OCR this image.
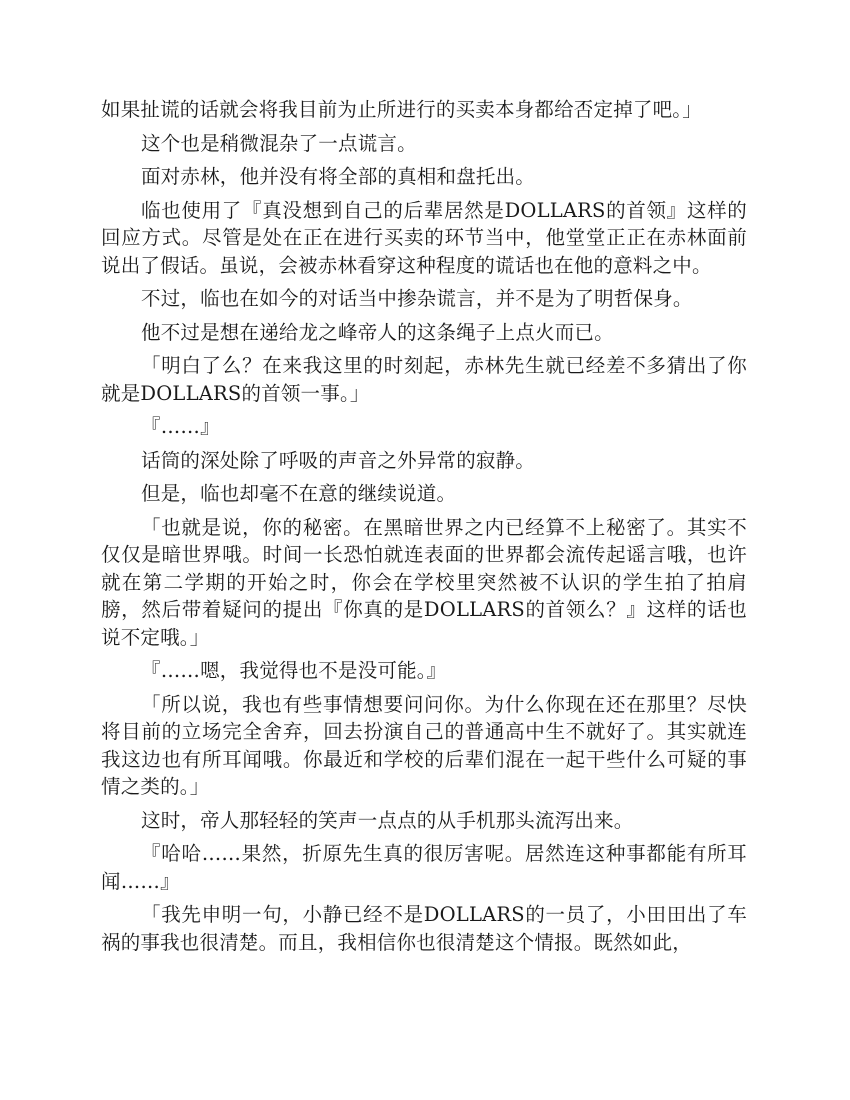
如果扯谎的话就会将我目前为止所进行的买卖本身都给否定掉了吧。」

这个也是稍微混杂了一点谎言。

面对赤林，他并没有将全部的真相和盘托出。

临也使用了『真没想到自己的后辈居然是DOLLARS的首领』这样的回应方式。尽管是处在正在进行买卖的环节当中，他堂堂正正在赤林面前说出了假话。虽说，会被赤林看穿这种程度的谎话也在他的意料之中。

不过，临也在如今的对话当中掺杂谎言，并不是为了明哲保身。

他不过是想在递给龙之峰帝人的这条绳子上点火而已。

「明白了么？在来我这里的时刻起，赤林先生就已经差不多猜出了你就是DOLLARS的首领一事。」

『……』

话筒的深处除了呼吸的声音之外异常的寂静。

但是，临也却毫不在意的继续说道。

「也就是说，你的秘密。在黑暗世界之内已经算不上秘密了。其实不仅仅是暗世界哦。时间一长恐怕就连表面的世界都会流传起谣言哦，也许就在第二学期的开始之时，你会在学校里突然被不认识的学生拍了拍肩膀，然后带着疑问的提出『你真的是DOLLARS的首领么？』这样的话也说不定哦。」

『……嗯，我觉得也不是没可能。』

「所以说，我也有些事情想要问问你。为什么你现在还在那里？尽快将目前的立场完全舍弃，回去扮演自己的普通高中生不就好了。其实就连我这边也有所耳闻哦。你最近和学校的后辈们混在一起干些什么可疑的事情之类的。」

这时，帝人那轻轻的笑声一点点的从手机那头流泻出来。

『哈哈……果然，折原先生真的很厉害呢。居然连这种事都能有所耳闻……』

「我先申明一句，小静已经不是DOLLARS的一员了，小田田出了车祸的事我也很清楚。而且，我相信你也很清楚这个情报。既然如此，
